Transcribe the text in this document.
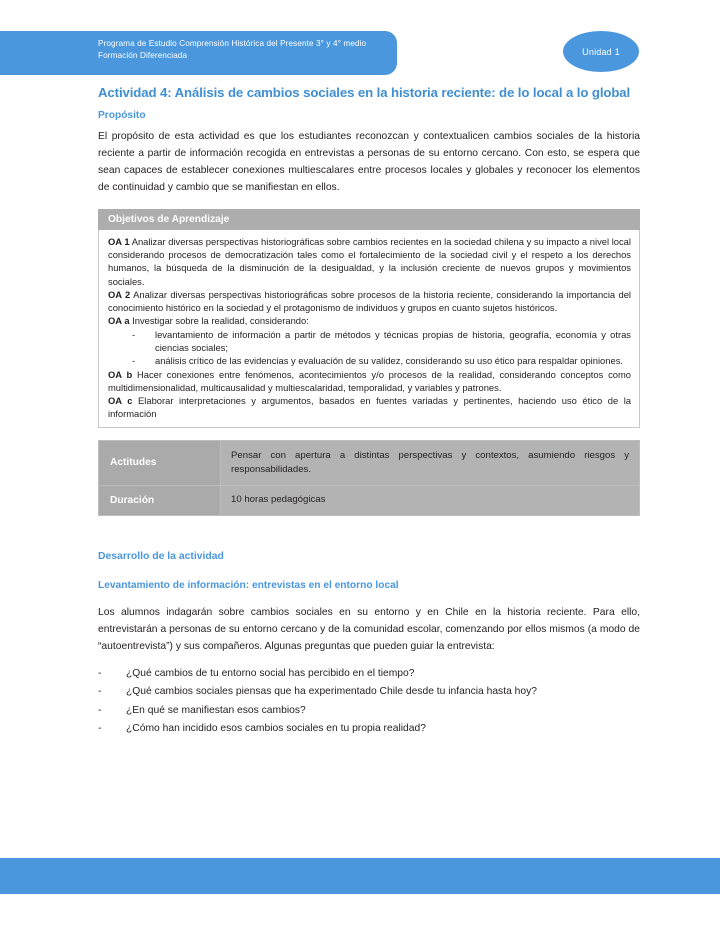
Programa de Estudio Comprensión Histórica del Presente 3° y 4° medio
Formación Diferenciada	Unidad 1
Actividad 4: Análisis de cambios sociales en la historia reciente: de lo local a lo global
Propósito

El propósito de esta actividad es que los estudiantes reconozcan y contextualicen cambios sociales de la historia reciente a partir de información recogida en entrevistas a personas de su entorno cercano. Con esto, se espera que sean capaces de establecer conexiones multiescalares entre procesos locales y globales y reconocer los elementos de continuidad y cambio que se manifiestan en ellos.

Objetivos de Aprendizaje

OA 1 Analizar diversas perspectivas historiográficas sobre cambios recientes en la sociedad chilena y su impacto a nivel local considerando procesos de democratización tales como el fortalecimiento de la sociedad civil y el respeto a los derechos humanos, la búsqueda de la disminución de la desigualdad, y la inclusión creciente de nuevos grupos y movimientos sociales.

OA 2 Analizar diversas perspectivas historiográficas sobre procesos de la historia reciente, considerando la importancia del conocimiento histórico en la sociedad y el protagonismo de individuos y grupos en cuanto sujetos históricos.

OA a Investigar sobre la realidad, considerando:

- levantamiento de información a partir de métodos y técnicas propias de historia, geografía, economía y otras ciencias sociales;
- análisis crítico de las evidencias y evaluación de su validez, considerando su uso ético para respaldar opiniones.

OA b Hacer conexiones entre fenómenos, acontecimientos y/o procesos de la realidad, considerando conceptos como multidimensionalidad, multicausalidad y multiescalaridad, temporalidad, y variables y patrones.

OA c Elaborar interpretaciones y argumentos, basados en fuentes variadas y pertinentes, haciendo uso ético de la información

Actitudes	Pensar con apertura a distintas perspectivas y contextos, asumiendo riesgos y responsabilidades.
Duración	10 horas pedagógicas
Desarrollo de la actividad
Levantamiento de información: entrevistas en el entorno local

Los alumnos indagarán sobre cambios sociales en su entorno y en Chile en la historia reciente. Para ello, entrevistarán a personas de su entorno cercano y de la comunidad escolar, comenzando por ellos mismos (a modo de “autoentrevista”) y sus compañeros. Algunas preguntas que pueden guiar la entrevista:

- ¿Qué cambios de tu entorno social has percibido en el tiempo?
- ¿Qué cambios sociales piensas que ha experimentado Chile desde tu infancia hasta hoy?
- ¿En qué se manifiestan esos cambios?
- ¿Cómo han incidido esos cambios sociales en tu propia realidad?
Unidad de Currículum y Evaluación
Ministerio de Educación, febrero 2021
57
